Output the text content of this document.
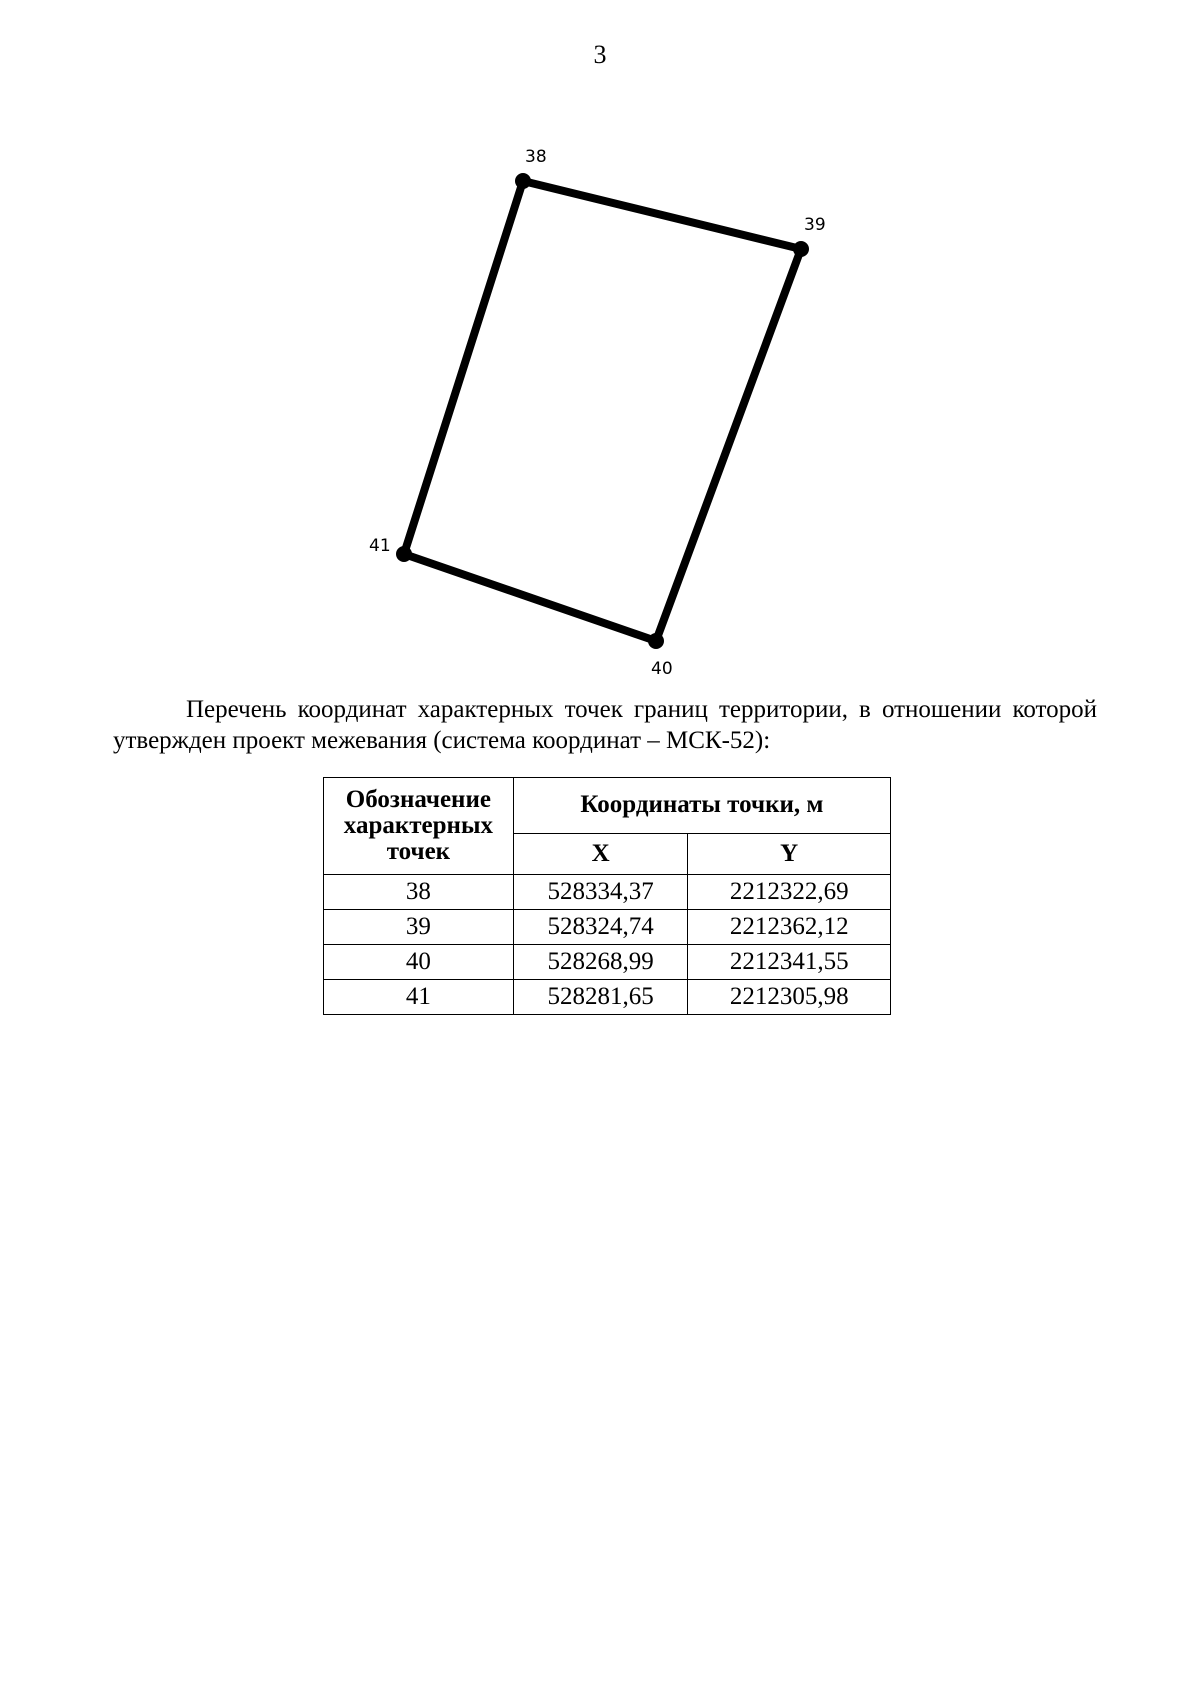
3
38
39
40
41
Перечень координат характерных точек границ территории, в отношении которой утвержден проект межевания (система координат – МСК-52):
Обозначение характерных точек	Координаты точки, м	
	X	Y
38	528334,37	2212322,69
39	528324,74	2212362,12
40	528268,99	2212341,55
41	528281,65	2212305,98
